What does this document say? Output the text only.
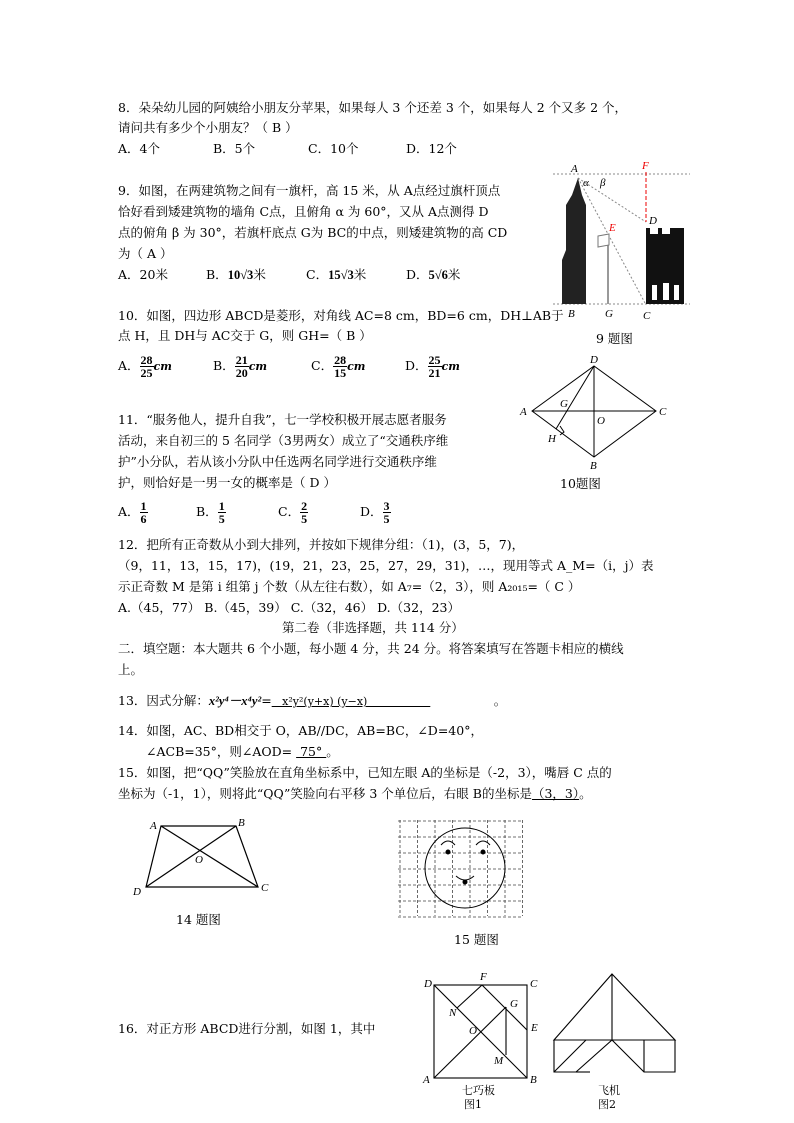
8．朵朵幼儿园的阿姨给小朋友分苹果，如果每人 3 个还差 3 个，如果每人 2 个又多 2 个，
请问共有多少个小朋友？（ B ）
A．4个	B．5个	C．10个	D．12个
9．如图，在两建筑物之间有一旗杆，高 15 米，从 A点经过旗杆顶点
恰好看到矮建筑物的墙角 C点，且俯角 α 为 60°，又从 A点测得 D
点的俯角 β 为 30°，若旗杆底点 G为 BC的中点，则矮建筑物的高 CD
为（ A ）
A．20米	B．10√3米	C．15√3米	D．5√6米
10．如图，四边形 ABCD是菱形，对角线 AC=8 cm，BD=6 cm，DH⊥AB于
点 H，且 DH与 AC交于 G，则 GH=（ B ）
A． $\frac{28}{25}$ cm	B． $\frac{21}{20}$ cm	C． $\frac{28}{15}$ cm	D． $\frac{25}{21}$ cm
11．“服务他人，提升自我”，七一学校积极开展志愿者服务
活动，来自初三的 5 名同学（3男两女）成立了“交通秩序维
护”小分队，若从该小分队中任选两名同学进行交通秩序维
护，则恰好是一男一女的概率是（ D ）
A． $\frac{1}{6}$	B． $\frac{1}{5}$	C． $\frac{2}{5}$	D． $\frac{3}{5}$
12．把所有正奇数从小到大排列，并按如下规律分组：（1)，(3，5，7)，
（9，11，13，15，17)，(19，21，23，25，27，29，31)，…，现用等式 A_M=（i，j）表
示正奇数 M 是第 i 组第 j 个数（从左往右数），如 A₇=（2，3），则 A₂₀₁₅=（ C ）
A.（45，77） B.（45，39） C.（32，46） D.（32，23）
第二卷（非选择题，共 114 分）
二．填空题：本大题共 6 个小题，每小题 4 分，共 24 分。将答案填写在答题卡相应的横线
上。
13．因式分解：x²y⁴－x⁴y²=   x²y²(y+x) (y−x)	。
14．如图，AC、BD相交于 O，AB//DC，AB=BC，∠D=40°，
∠ACB=35°，则∠AOD=  75° 。
15．如图，把“QQ”笑脸放在直角坐标系中，已知左眼 A的坐标是（-2，3），嘴唇 C 点的
坐标为（-1，1），则将此“QQ”笑脸向右平移 3 个单位后，右眼 B的坐标是（3，3）。
16．对正方形 ABCD进行分割，如图 1，其中
9 题图
10题图
14 题图
15 题图
七巧板
图1
飞机
图2
A
α β
F
D
E
B	G	C
A
D
C
B
G
H
O
A	B
O
D	C
D
F
C
G
N
O	E
M
A	B
